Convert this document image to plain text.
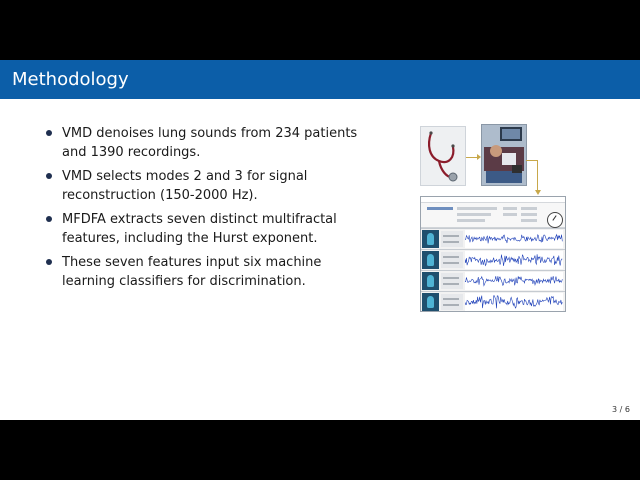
Methodology
VMD denoises lung sounds from 234 patients and 1390 recordings.
VMD selects modes 2 and 3 for signal reconstruction (150-2000 Hz).
MFDFA extracts seven distinct multifractal features, including the Hurst exponent.
These seven features input six machine learning classifiers for discrimination.
3 / 6
